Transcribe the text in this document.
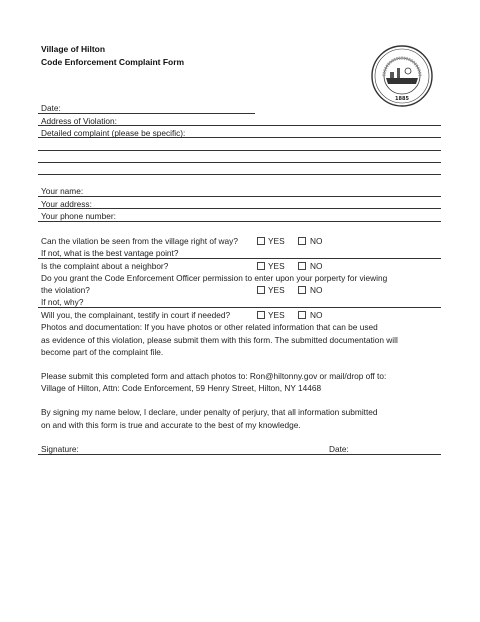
Village of Hilton
Code Enforcement Complaint Form
1885
Date:
Address of Violation:
Detailed complaint (please be specific):
Your name:
Your address:
Your phone number:
Can the vilation be seen from the village right of way?	YES	NO
If not, what is the best vantage point?
Is the complaint about a neighbor?	YES	NO
Do you grant the Code Enforcement Officer permission to enter upon your porperty for viewing
the violation?	YES	NO
If not, why?
Will you, the complainant, testify in court if needed?	YES	NO
Photos and documentation: If you have photos or other related information that can be used
as evidence of this violation, please submit them with this form. The submitted documentation will
become part of the complaint file.
Please submit this completed form and attach photos to: Ron@hiltonny.gov or mail/drop off to:
Village of Hilton, Attn: Code Enforcement, 59 Henry Street, Hilton, NY 14468
By signing my name below, I declare, under penalty of perjury, that all information submitted
on and with this form is true and accurate to the best of my knowledge.
Signature:	Date:
